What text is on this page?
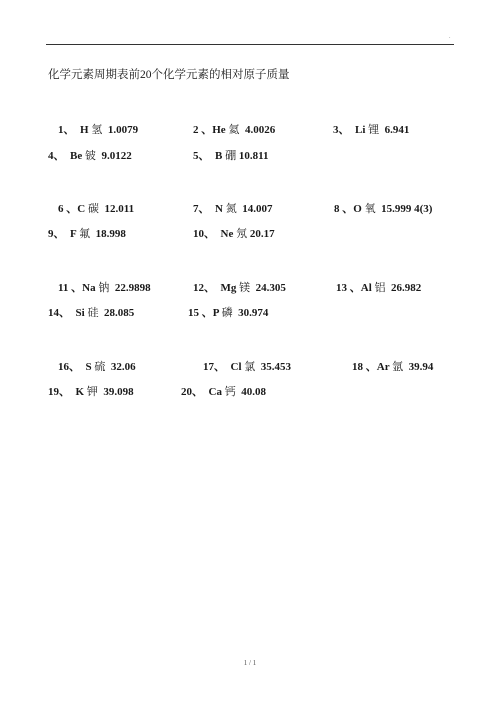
.
化学元素周期表前20个化学元素的相对原子质量
1、 H 氢 1.0079	2 、He 氦 4.0026	3、 Li 锂 6.941
4、 Be 铍 9.0122	5、 B 硼 10.811
6 、C 碳 12.011	7、 N 氮 14.007	8 、O 氧 15.999 4(3)
9、 F 氟 18.998	10、 Ne 氖 20.17
11 、Na 钠 22.9898	12、 Mg 镁 24.305	13 、Al 铝 26.982
14、 Si 硅 28.085	15 、P 磷 30.974
16、 S 硫 32.06	17、 Cl 氯 35.453	18 、Ar 氩 39.94
19、 K 钾 39.098	20、 Ca 钙 40.08
1 / 1
